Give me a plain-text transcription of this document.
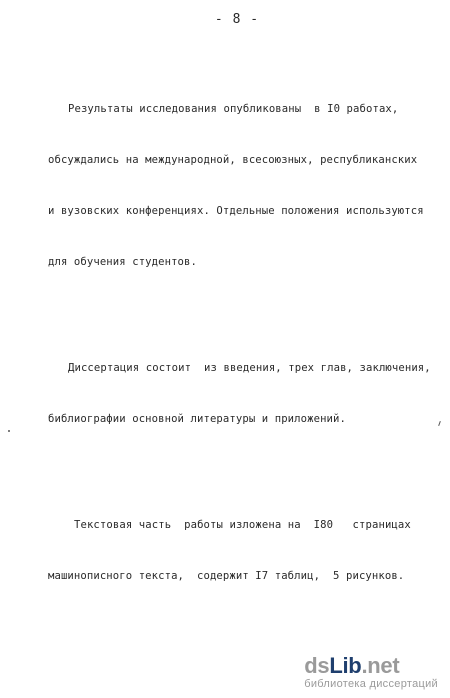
- 8 -

Результаты исследования опубликованы  в I0 работах,

обсуждались на международной, всесоюзных, республиканских

и вузовских конференциях. Отдельные положения используются

для обучения студентов.

Диссертация состоит  из введения, трех глав, заключения,

библиографии основной литературы и приложений.

Текстовая часть  работы изложена на  I80   страницах

машинописного текста,  содержит I7 таблиц,  5 рисунков.

ds Lib .net
библиотека диссертаций
